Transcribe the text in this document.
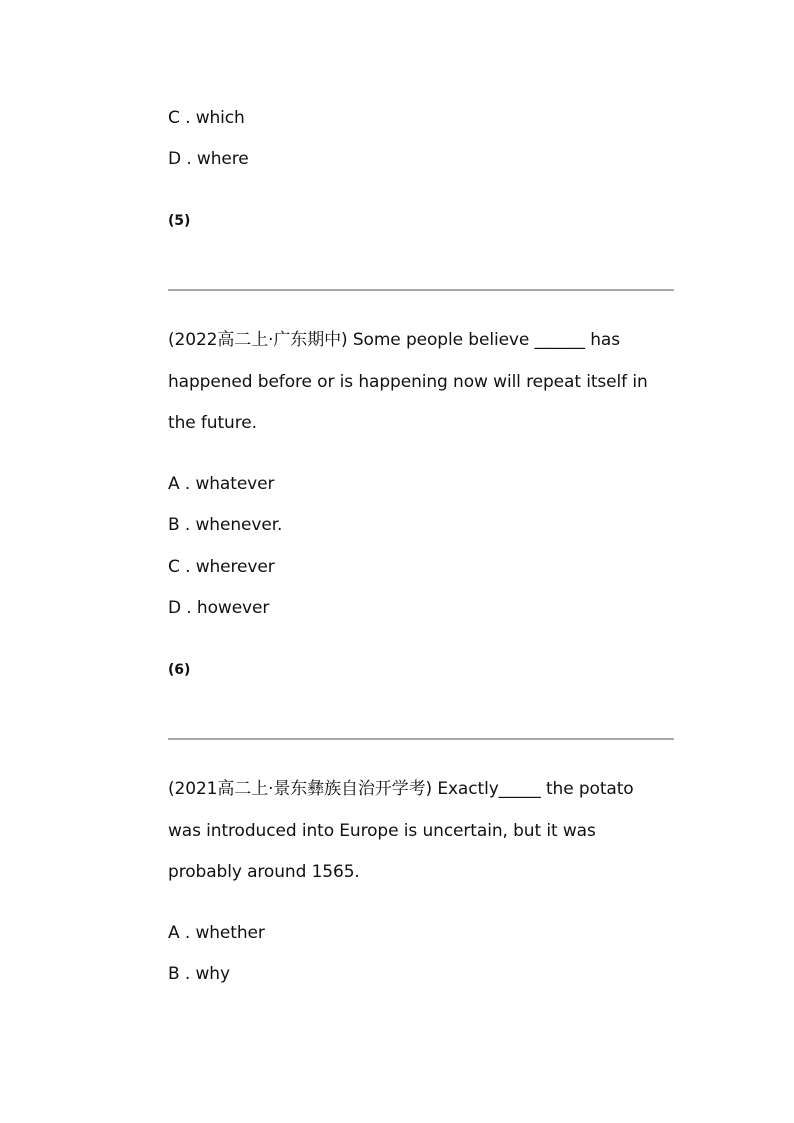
C . which
D . where
(5)
(2022高二上·广东期中) Some people believe ______ has
happened before or is happening now will repeat itself in
the future.
A . whatever
B . whenever.
C . wherever
D . however
(6)
(2021高二上·景东彝族自治开学考) Exactly_____ the potato
was introduced into Europe is uncertain, but it was
probably around 1565.
A . whether
B . why
